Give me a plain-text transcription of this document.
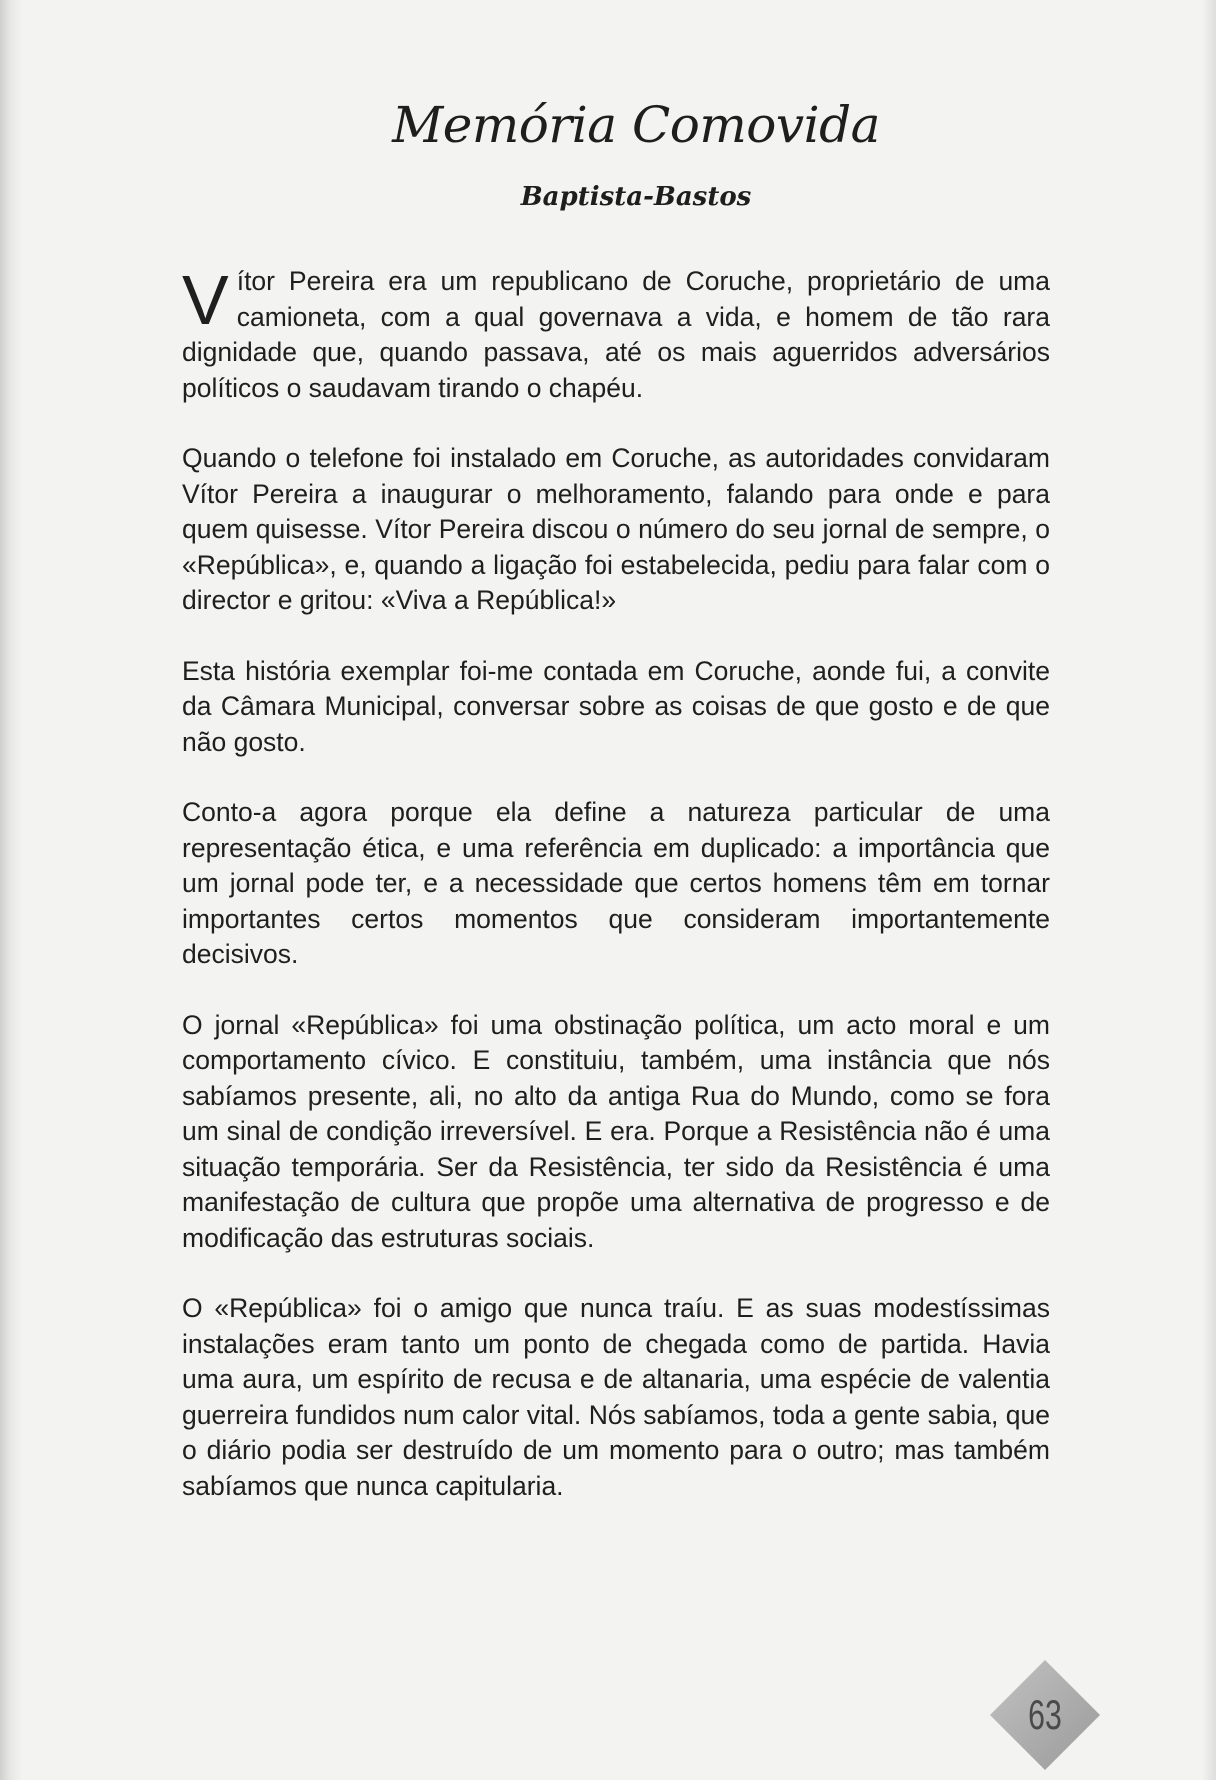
Memória Comovida
Baptista-Bastos

Vítor Pereira era um republicano de Coruche, proprietário de uma camioneta, com a qual governava a vida, e homem de tão rara dignidade que, quando passava, até os mais aguerridos adversários políticos o saudavam tirando o chapéu.

Quando o telefone foi instalado em Coruche, as autoridades convidaram Vítor Pereira a inaugurar o melhoramento, falando para onde e para quem quisesse. Vítor Pereira discou o número do seu jornal de sempre, o «República», e, quando a ligação foi estabelecida, pediu para falar com o director e gritou: «Viva a República!»

Esta história exemplar foi-me contada em Coruche, aonde fui, a convite da Câmara Municipal, conversar sobre as coisas de que gosto e de que não gosto.

Conto-a agora porque ela define a natureza particular de uma representação ética, e uma referência em duplicado: a importância que um jornal pode ter, e a necessidade que certos homens têm em tornar importantes certos momentos que consideram importantemente decisivos.

O jornal «República» foi uma obstinação política, um acto moral e um comportamento cívico. E constituiu, também, uma instância que nós sabíamos presente, ali, no alto da antiga Rua do Mundo, como se fora um sinal de condição irreversível. E era. Porque a Resistência não é uma situação temporária. Ser da Resistência, ter sido da Resistência é uma manifestação de cultura que propõe uma alternativa de progresso e de modificação das estruturas sociais.

O «República» foi o amigo que nunca traíu. E as suas modestíssimas instalações eram tanto um ponto de chegada como de partida. Havia uma aura, um espírito de recusa e de altanaria, uma espécie de valentia guerreira fundidos num calor vital. Nós sabíamos, toda a gente sabia, que o diário podia ser destruído de um momento para o outro; mas também sabíamos que nunca capitularia.

63
